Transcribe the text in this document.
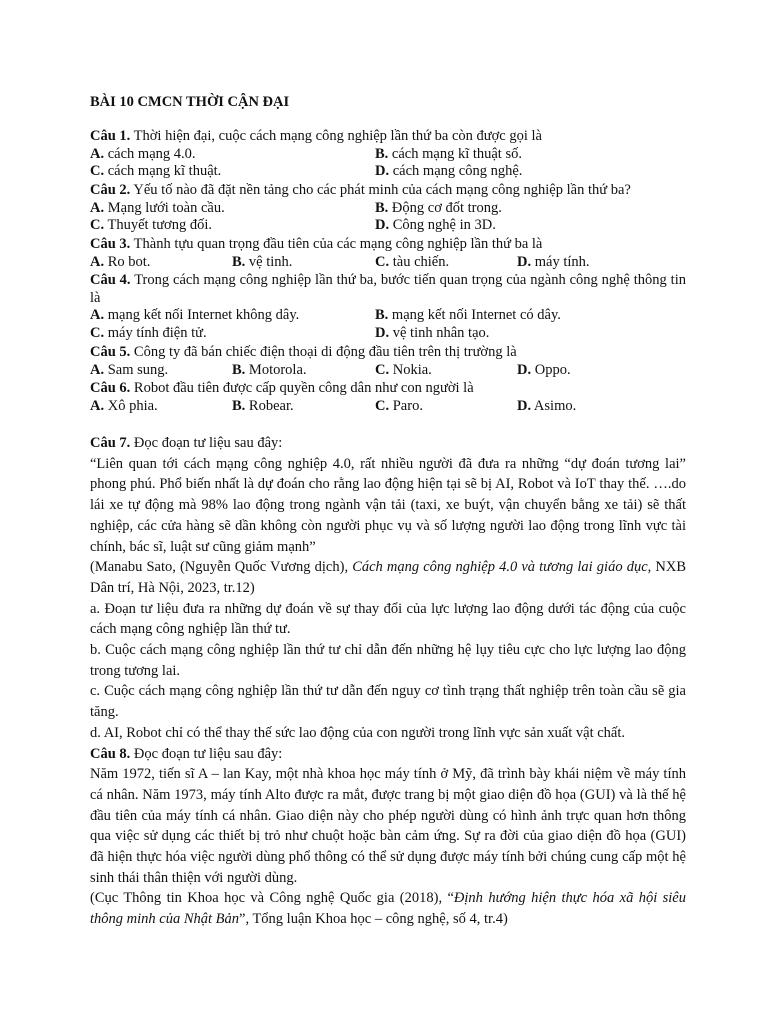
BÀI 10 CMCN THỜI CẬN ĐẠI
Câu 1. Thời hiện đại, cuộc cách mạng công nghiệp lần thứ ba còn được gọi là
A. cách mạng 4.0.	B. cách mạng kĩ thuật số.
C. cách mạng kĩ thuật.	D. cách mạng công nghệ.
Câu 2. Yếu tố nào đã đặt nền tảng cho các phát minh của cách mạng công nghiệp lần thứ ba?
A. Mạng lưới toàn cầu.	B. Động cơ đốt trong.
C. Thuyết tương đối.	D. Công nghệ in 3D.
Câu 3. Thành tựu quan trọng đầu tiên của các mạng công nghiệp lần thứ ba là
A. Ro bot.	B. vệ tinh.	C. tàu chiến.	D. máy tính.
Câu 4. Trong cách mạng công nghiệp lần thứ ba, bước tiến quan trọng của ngành công nghệ thông tin là
A. mạng kết nối Internet không dây.	B. mạng kết nối Internet có dây.
C. máy tính điện tử.	D. vệ tinh nhân tạo.
Câu 5. Công ty đã bán chiếc điện thoại di động đầu tiên trên thị trường là
A. Sam sung.	B. Motorola.	C. Nokia.	D. Oppo.
Câu 6. Robot đầu tiên được cấp quyền công dân như con người là
A. Xô phia.	B. Robear.	C. Paro.	D. Asimo.

Câu 7. Đọc đoạn tư liệu sau đây:

“Liên quan tới cách mạng công nghiệp 4.0, rất nhiều người đã đưa ra những “dự đoán tương lai” phong phú. Phổ biến nhất là dự đoán cho rằng lao động hiện tại sẽ bị AI, Robot và IoT thay thế. ….do lái xe tự động mà 98% lao động trong ngành vận tải (taxi, xe buýt, vận chuyển bằng xe tải) sẽ thất nghiệp, các cửa hàng sẽ dần không còn người phục vụ và số lượng người lao động trong lĩnh vực tài chính, bác sĩ, luật sư cũng giảm mạnh”

(Manabu Sato, (Nguyễn Quốc Vương dịch), Cách mạng công nghiệp 4.0 và tương lai giáo dục, NXB Dân trí, Hà Nội, 2023, tr.12)

a. Đoạn tư liệu đưa ra những dự đoán về sự thay đổi của lực lượng lao động dưới tác động của cuộc cách mạng công nghiệp lần thứ tư.

b. Cuộc cách mạng công nghiệp lần thứ tư chỉ dẫn đến những hệ lụy tiêu cực cho lực lượng lao động trong tương lai.

c. Cuộc cách mạng công nghiệp lần thứ tư dẫn đến nguy cơ tình trạng thất nghiệp trên toàn cầu sẽ gia tăng.

d. AI, Robot chỉ có thể thay thế sức lao động của con người trong lĩnh vực sản xuất vật chất.

Câu 8. Đọc đoạn tư liệu sau đây:

Năm 1972, tiến sĩ A – lan Kay, một nhà khoa học máy tính ở Mỹ, đã trình bày khái niệm về máy tính cá nhân. Năm 1973, máy tính Alto được ra mắt, được trang bị một giao diện đồ họa (GUI) và là thế hệ đầu tiên của máy tính cá nhân. Giao diện này cho phép người dùng có hình ảnh trực quan hơn thông qua việc sử dụng các thiết bị trỏ như chuột hoặc bàn cảm ứng. Sự ra đời của giao diện đồ họa (GUI) đã hiện thực hóa việc người dùng phổ thông có thể sử dụng được máy tính bởi chúng cung cấp một hệ sinh thái thân thiện với người dùng.

(Cục Thông tin Khoa học và Công nghệ Quốc gia (2018), “Định hướng hiện thực hóa xã hội siêu thông minh của Nhật Bản”, Tổng luận Khoa học – công nghệ, số 4, tr.4)
